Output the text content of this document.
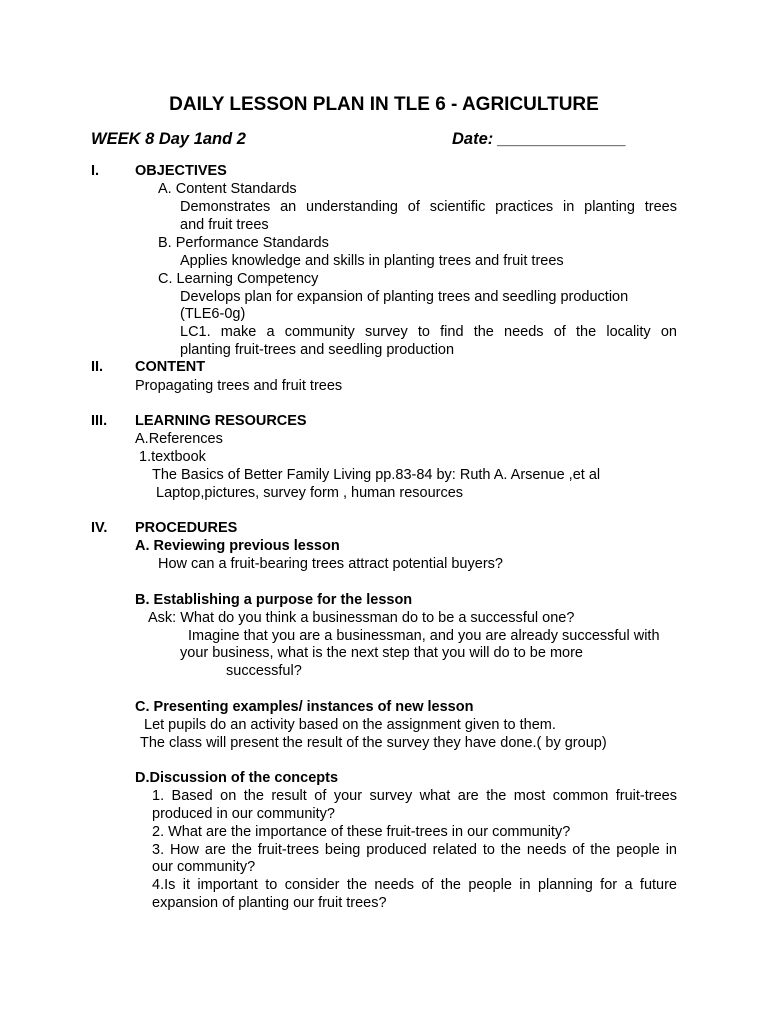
DAILY LESSON PLAN IN TLE 6 - AGRICULTURE
WEEK 8 Day 1and 2	Date: ______________
I. OBJECTIVES
A. Content Standards
Demonstrates an understanding of scientific practices in planting trees
and fruit trees
B. Performance Standards
Applies knowledge and skills in planting trees and fruit trees
C. Learning Competency
Develops plan for expansion of planting trees and seedling production
(TLE6-0g)
LC1. make a community survey to find the needs of the locality on
planting fruit-trees and seedling production
II. CONTENT
Propagating trees and fruit trees
III. LEARNING RESOURCES
A.References
1.textbook
The Basics of Better Family Living pp.83-84 by: Ruth A. Arsenue ,et al
Laptop,pictures, survey form , human resources
IV. PROCEDURES
A. Reviewing previous lesson
How can a fruit-bearing trees attract potential buyers?
B. Establishing a purpose for the lesson
Ask: What do you think a businessman do to be a successful one?
Imagine that you are a businessman, and you are already successful with
your business, what is the next step that you will do to be more
successful?
C. Presenting examples/ instances of new lesson
Let pupils do an activity based on the assignment given to them.
The class will present the result of the survey they have done.( by group)
D.Discussion of the concepts
1. Based on the result of your survey what are the most common fruit-trees
produced in our community?
2. What are the importance of these fruit-trees in our community?
3. How are the fruit-trees being produced related to the needs of the people in
our community?
4.Is it important to consider the needs of the people in planning for a future
expansion of planting our fruit trees?
